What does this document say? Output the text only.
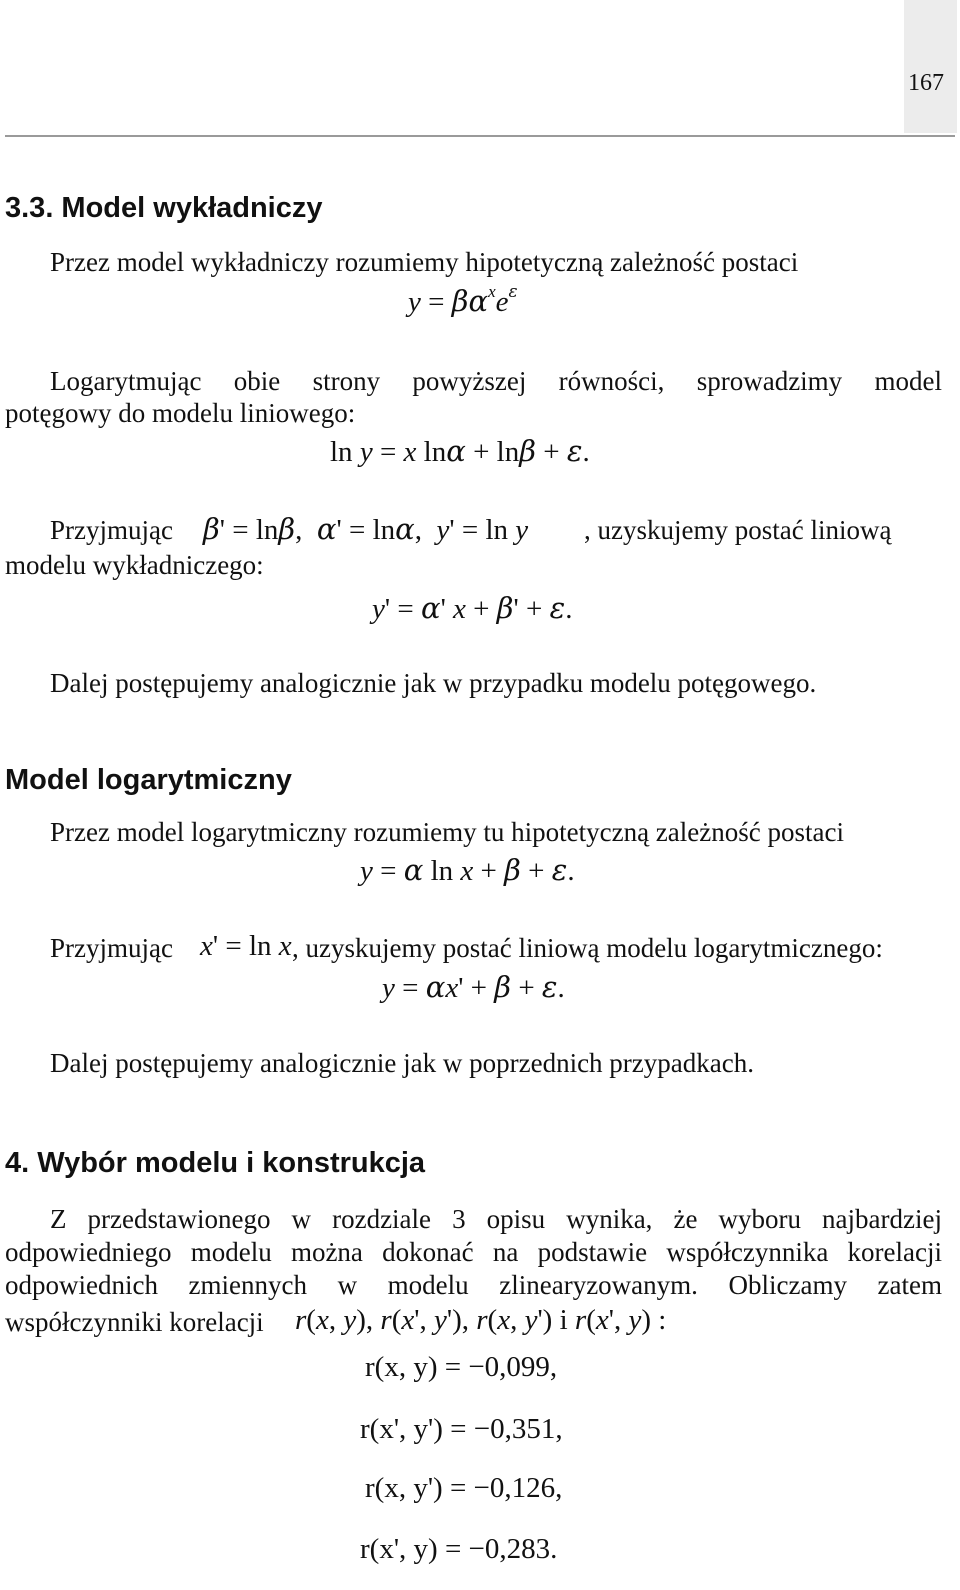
167
3.3. Model wykładniczy
Przez model wykładniczy rozumiemy hipotetyczną zależność postaci
$y = \beta\alpha^xe^\varepsilon$
Logarytmując obie strony powyższej równości, sprowadzimy model
potęgowy do modelu liniowego:
ln y = x lnα + lnβ + ε.
Przyjmując β' = lnβ,  α' = lnα,  y' = ln y , uzyskujemy postać liniową
modelu wykładniczego:
y' = α' x + β' + ε.
Dalej postępujemy analogicznie jak w przypadku modelu potęgowego.
Model logarytmiczny
Przez model logarytmiczny rozumiemy tu hipotetyczną zależność postaci
y = α ln x + β + ε.
Przyjmując x' = ln x , uzyskujemy postać liniową modelu logarytmicznego:
y = αx' + β + ε.
Dalej postępujemy analogicznie jak w poprzednich przypadkach.
4. Wybór modelu i konstrukcja
Z przedstawionego w rozdziale 3 opisu wynika, że wyboru najbardziej
odpowiedniego modelu można dokonać na podstawie współczynnika korelacji
odpowiednich zmiennych w modelu zlinearyzowanym. Obliczamy zatem
współczynniki korelacji r(x, y), r(x', y'), r(x, y') i r(x', y) :
r(x, y) = −0,099,
r(x', y') = −0,351,
r(x, y') = −0,126,
r(x', y) = −0,283.
